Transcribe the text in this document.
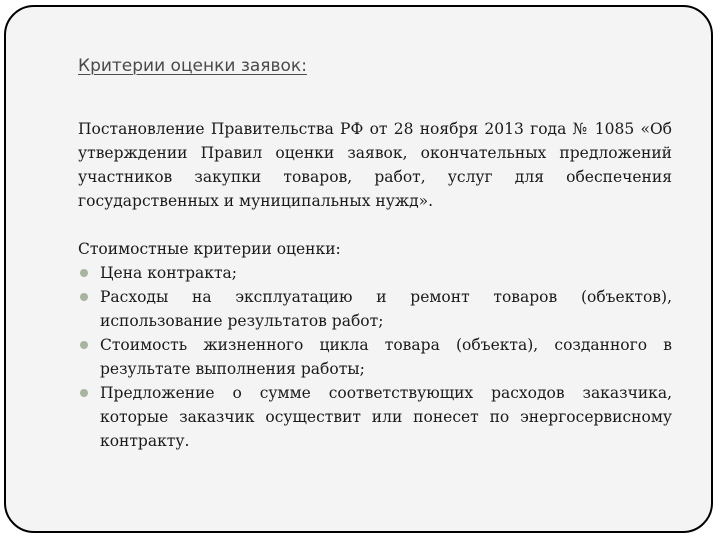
Критерии оценки заявок:

Постановление Правительства РФ от 28 ноября 2013 года № 1085 «Об утверждении Правил оценки заявок, окончательных предложений участников закупки товаров, работ, услуг для обеспечения государственных и муниципальных нужд».

Стоимостные критерии оценки:

Цена контракта;
Расходы на эксплуатацию и ремонт товаров (объектов), использование результатов работ;
Стоимость жизненного цикла товара (объекта), созданного в результате выполнения работы;
Предложение о сумме соответствующих расходов заказчика, которые заказчик осуществит или понесет по энергосервисному контракту.
